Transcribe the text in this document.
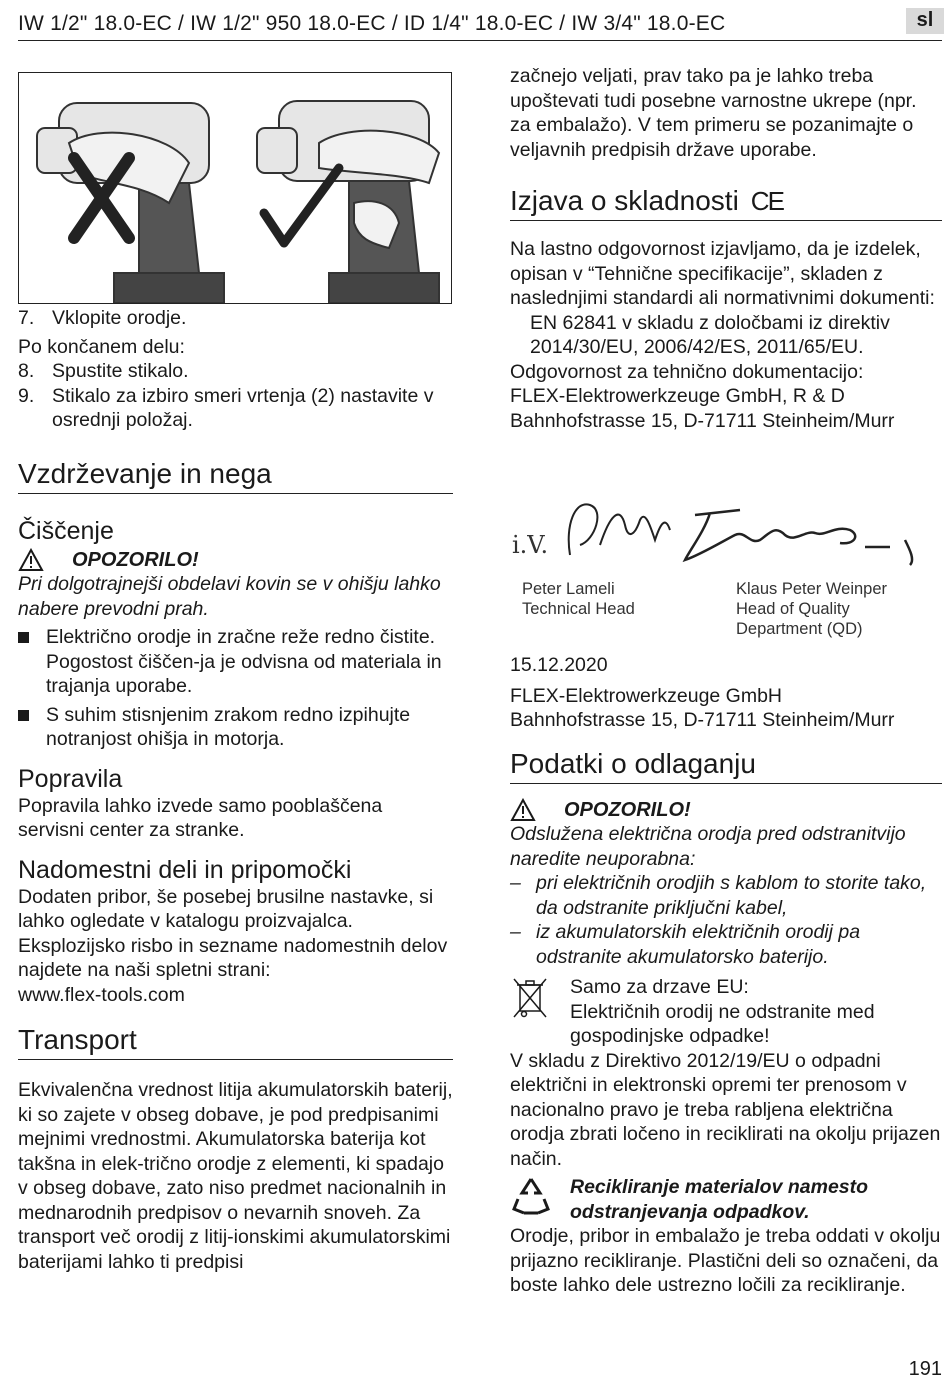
IW 1/2" 18.0-EC / IW 1/2" 950 18.0-EC / ID 1/4" 18.0-EC / IW 3/4" 18.0-EC	sl
7. Vklopite orodje.

Po končanem delu:

8. Spustite stikalo.
9. Stikalo za izbiro smeri vrtenja (2) nastavite v osrednji položaj.
Vzdrževanje in nega
Čiščenje
OPOZORILO!

Pri dolgotrajnejši obdelavi kovin se v ohišju lahko nabere prevodni prah.

Električno orodje in zračne reže redno čistite. Pogostost čiščen-ja je odvisna od materiala in trajanja uporabe.
S suhim stisnjenim zrakom redno izpihujte notranjost ohišja in motorja.
Popravila

Popravila lahko izvede samo pooblaščena servisni center za stranke.

Nadomestni deli in pripomočki

Dodaten pribor, še posebej brusilne nastavke, si lahko ogledate v katalogu proizvajalca.

Eksplozijsko risbo in sezname nadomestnih delov najdete na naši spletni strani:

www.flex-tools.com

Transport

Ekvivalenčna vrednost litija akumulatorskih baterij, ki so zajete v obseg dobave, je pod predpisanimi mejnimi vrednostmi. Akumulatorska baterija kot takšna in elek-trično orodje z elementi, ki spadajo v obseg dobave, zato niso predmet nacionalnih in mednarodnih predpisov o nevarnih snoveh. Za transport več orodij z litij-ionskimi akumulatorskimi baterijami lahko ti predpisi

začnejo veljati, prav tako pa je lahko treba upoštevati tudi posebne varnostne ukrepe (npr. za embalažo). V tem primeru se pozanimajte o veljavnih predpisih države uporabe.

Izjava o skladnosti CE

Na lastno odgovornost izjavljamo, da je izdelek, opisan v “Tehnične specifikacije”, skladen z naslednjimi standardi ali normativnimi dokumenti:

EN 62841 v skladu z določbami iz direktiv 2014/30/EU, 2006/42/ES, 2011/65/EU.

Odgovornost za tehnično dokumentacijo:

FLEX-Elektrowerkzeuge GmbH, R & D

Bahnhofstrasse 15, D-71711 Steinheim/Murr

i.V.
Peter Lameli
Technical Head
Klaus Peter Weinper
Head of Quality
Department (QD)

15.12.2020

FLEX-Elektrowerkzeuge GmbH

Bahnhofstrasse 15, D-71711 Steinheim/Murr

Podatki o odlaganju
OPOZORILO!

Odslužena električna orodja pred odstranitvijo naredite neuporabna:

– pri električnih orodjih s kablom to storite tako, da odstranite priključni kabel,
– iz akumulatorskih električnih orodij pa odstranite akumulatorsko baterijo.

Samo za drzave EU:

Električnih orodij ne odstranite med gospodinjske odpadke!

V skladu z Direktivo 2012/19/EU o odpadni električni in elektronski opremi ter prenosom v nacionalno pravo je treba rabljena električna orodja zbrati ločeno in reciklirati na okolju prijazen način.

Recikliranje materialov namesto odstranjevanja odpadkov.

Orodje, pribor in embalažo je treba oddati v okolju prijazno recikliranje. Plastični deli so označeni, da boste lahko dele ustrezno ločili za recikliranje.

191
